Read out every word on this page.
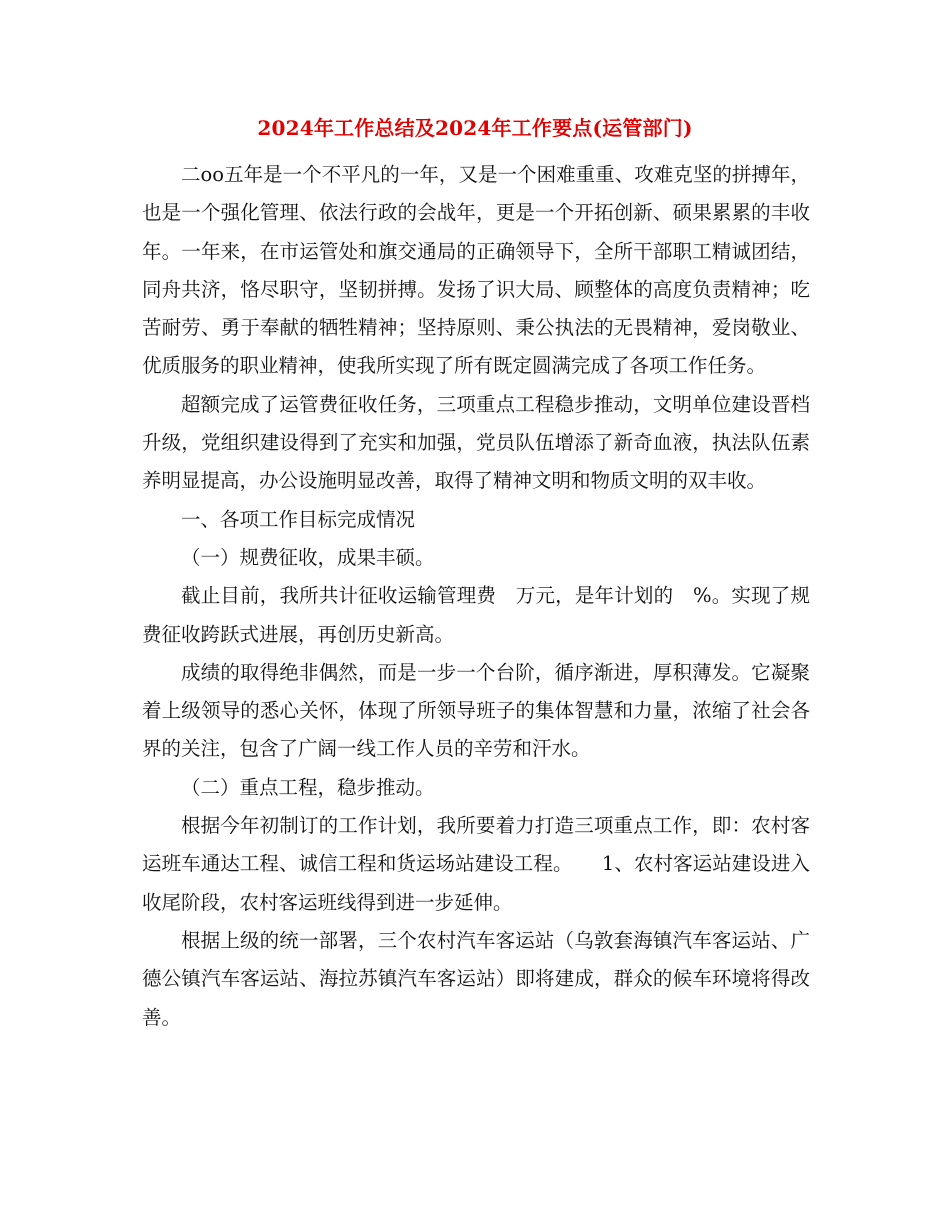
2024年工作总结及2024年工作要点(运管部门)

二oo五年是一个不平凡的一年，又是一个困难重重、攻难克坚的拼搏年，也是一个强化管理、依法行政的会战年，更是一个开拓创新、硕果累累的丰收年。一年来，在市运管处和旗交通局的正确领导下，全所干部职工精诚团结，同舟共济，恪尽职守，坚韧拼搏。发扬了识大局、顾整体的高度负责精神；吃苦耐劳、勇于奉献的牺牲精神；坚持原则、秉公执法的无畏精神，爱岗敬业、优质服务的职业精神，使我所实现了所有既定圆满完成了各项工作任务。

超额完成了运管费征收任务，三项重点工程稳步推动，文明单位建设晋档升级，党组织建设得到了充实和加强，党员队伍增添了新奇血液，执法队伍素养明显提高，办公设施明显改善，取得了精神文明和物质文明的双丰收。

一、各项工作目标完成情况

（一）规费征收，成果丰硕。

截止目前，我所共计征收运输管理费　万元，是年计划的　%。实现了规费征收跨跃式进展，再创历史新高。

成绩的取得绝非偶然，而是一步一个台阶，循序渐进，厚积薄发。它凝聚着上级领导的悉心关怀，体现了所领导班子的集体智慧和力量，浓缩了社会各界的关注，包含了广阔一线工作人员的辛劳和汗水。

（二）重点工程，稳步推动。

根据今年初制订的工作计划，我所要着力打造三项重点工作，即：农村客运班车通达工程、诚信工程和货运场站建设工程。　　1、农村客运站建设进入收尾阶段，农村客运班线得到进一步延伸。

根据上级的统一部署，三个农村汽车客运站（乌敦套海镇汽车客运站、广德公镇汽车客运站、海拉苏镇汽车客运站）即将建成，群众的候车环境将得改善。
